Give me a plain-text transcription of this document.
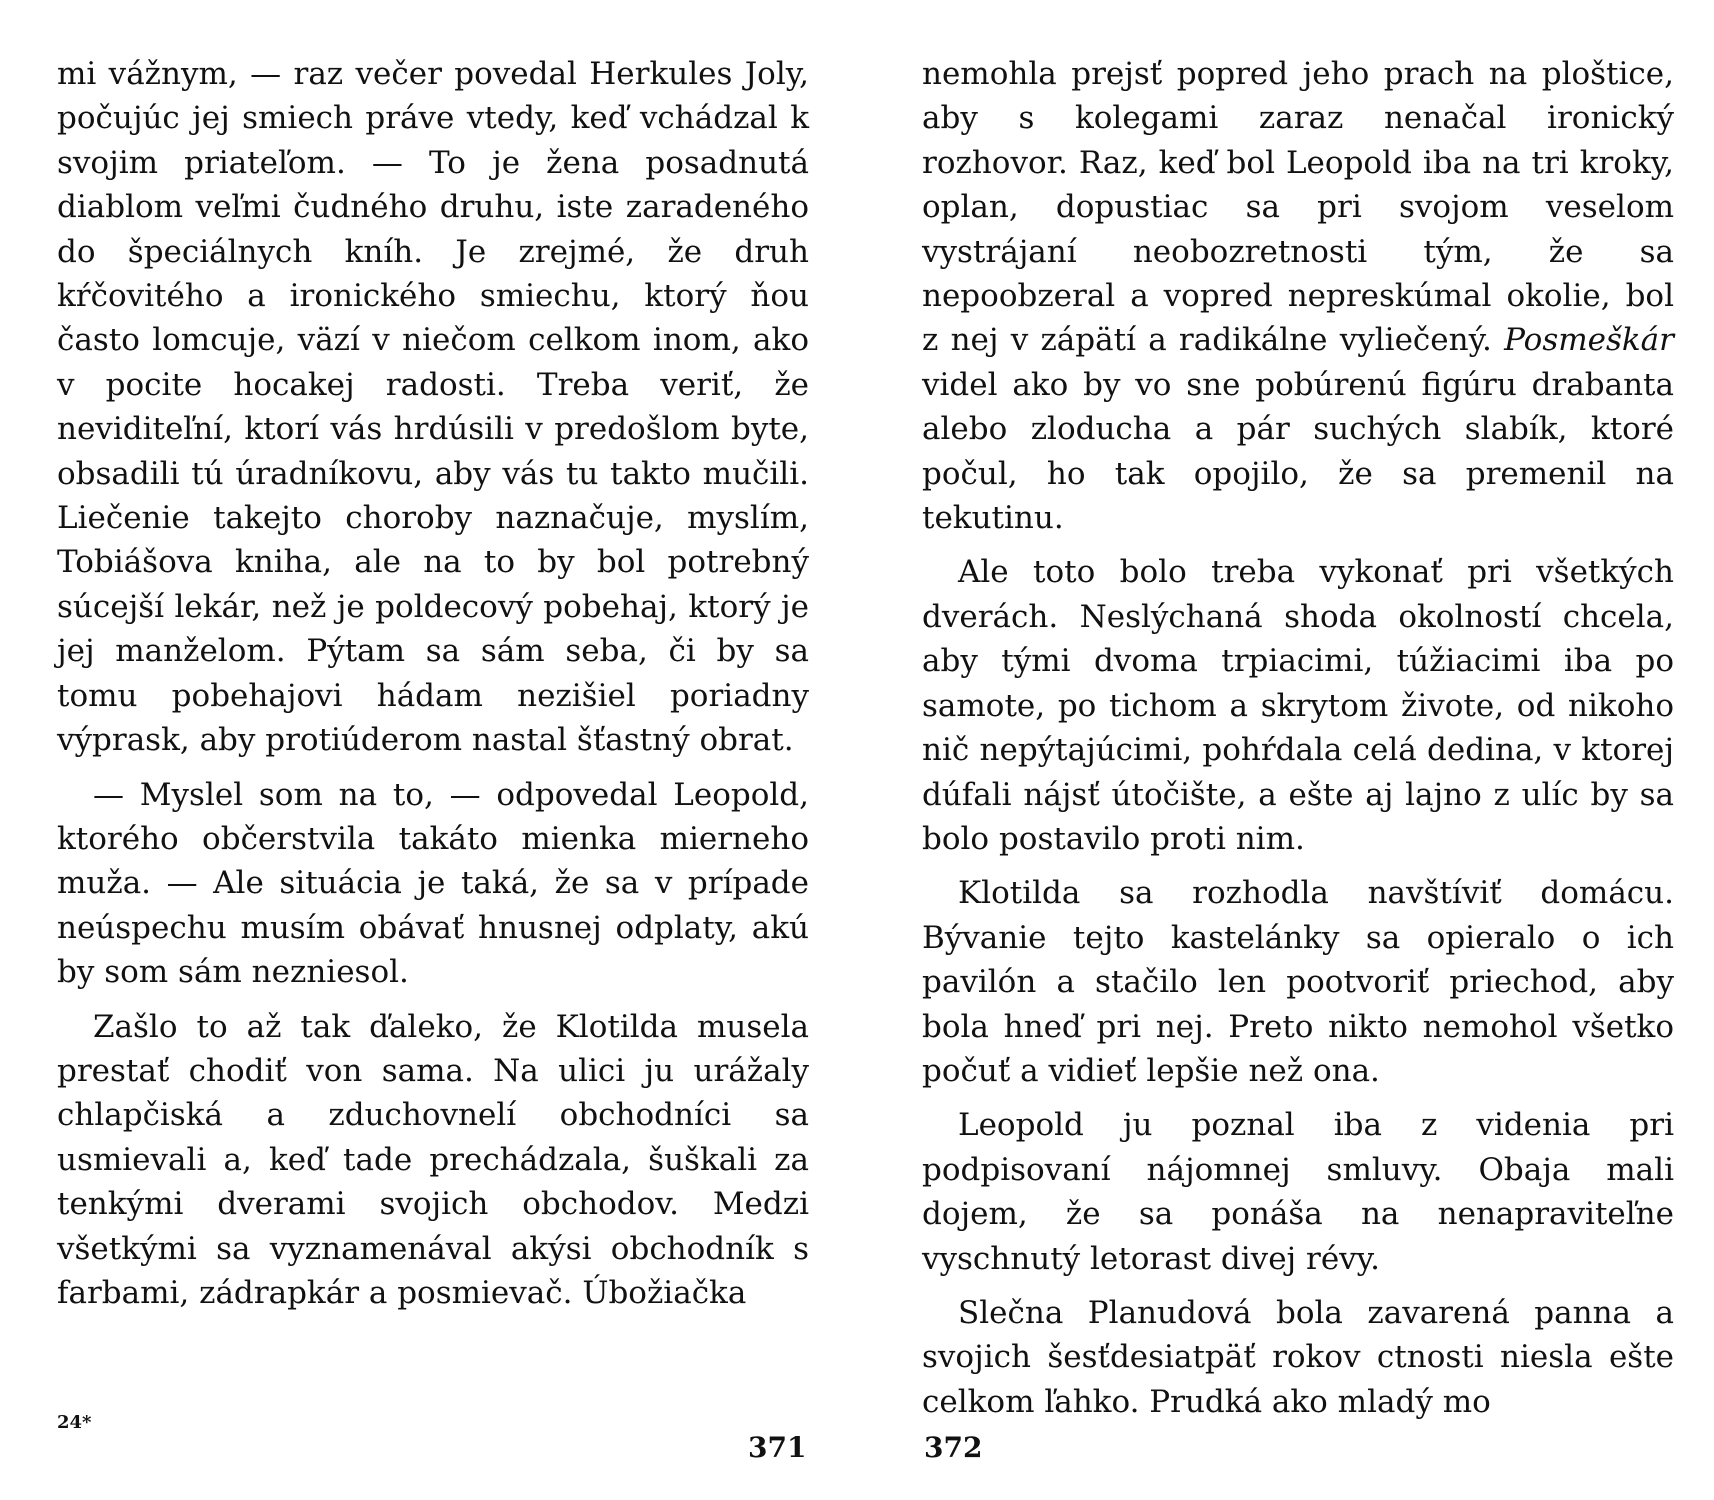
mi vážnym, — raz večer povedal Herkules Joly, počujúc jej smiech práve vtedy, keď vchádzal k svojim priateľom. — To je žena posadnutá diablom veľmi čudného druhu, iste zaradeného do špeciálnych kníh. Je zrejmé, že druh kŕčovitého a ironického smiechu, ktorý ňou často lomcuje, väzí v niečom celkom inom, ako v pocite hocakej radosti. Treba veriť, že neviditeľní, ktorí vás hrdúsili v predošlom byte, obsadili tú úradníkovu, aby vás tu takto mučili. Liečenie takejto choroby naznačuje, myslím, Tobiášova kniha, ale na to by bol potrebný súcejší lekár, než je poldecový pobehaj, ktorý je jej manželom. Pýtam sa sám seba, či by sa tomu pobehajovi hádam nezišiel poriadny výprask, aby protiúderom nastal šťastný obrat.

— Myslel som na to, — odpovedal Leopold, ktorého občerstvila takáto mienka mierneho muža. — Ale situácia je taká, že sa v prípade neúspechu musím obávať hnusnej odplaty, akú by som sám nezniesol.

Zašlo to až tak ďaleko, že Klotilda musela prestať chodiť von sama. Na ulici ju urážaly chlapčiská a zduchovnelí obchodníci sa usmievali a, keď tade prechádzala, šuškali za tenkými dverami svojich obchodov. Medzi všetkými sa vyznamenával akýsi obchodník s farbami, zádrapkár a posmievač. Úbožiačka

nemohla prejsť popred jeho prach na ploštice, aby s kolegami zaraz nenačal ironický rozhovor. Raz, keď bol Leopold iba na tri kroky, oplan, dopustiac sa pri svojom veselom vystrájaní neobozretnosti tým, že sa nepoobzeral a vopred nepreskúmal okolie, bol z nej v zápätí a radikálne vyliečený. Posmeškár videl ako by vo sne pobúrenú figúru drabanta alebo zloducha a pár suchých slabík, ktoré počul, ho tak opojilo, že sa premenil na tekutinu.

Ale toto bolo treba vykonať pri všetkých dverách. Neslýchaná shoda okolností chcela, aby tými dvoma trpiacimi, túžiacimi iba po samote, po tichom a skrytom živote, od nikoho nič nepýtajúcimi, pohŕdala celá dedina, v ktorej dúfali nájsť útočište, a ešte aj lajno z ulíc by sa bolo postavilo proti nim.

Klotilda sa rozhodla navštíviť domácu. Bývanie tejto kastelánky sa opieralo o ich pavilón a stačilo len pootvoriť priechod, aby bola hneď pri nej. Preto nikto nemohol všetko počuť a vidieť lepšie než ona.

Leopold ju poznal iba z videnia pri podpisovaní nájomnej smluvy. Obaja mali dojem, že sa ponáša na nenapraviteľne vyschnutý letorast divej révy.

Slečna Planudová bola zavarená panna a svojich šesťdesiatpäť rokov ctnosti niesla ešte celkom ľahko. Prudká ako mladý mo

24*
371	372
